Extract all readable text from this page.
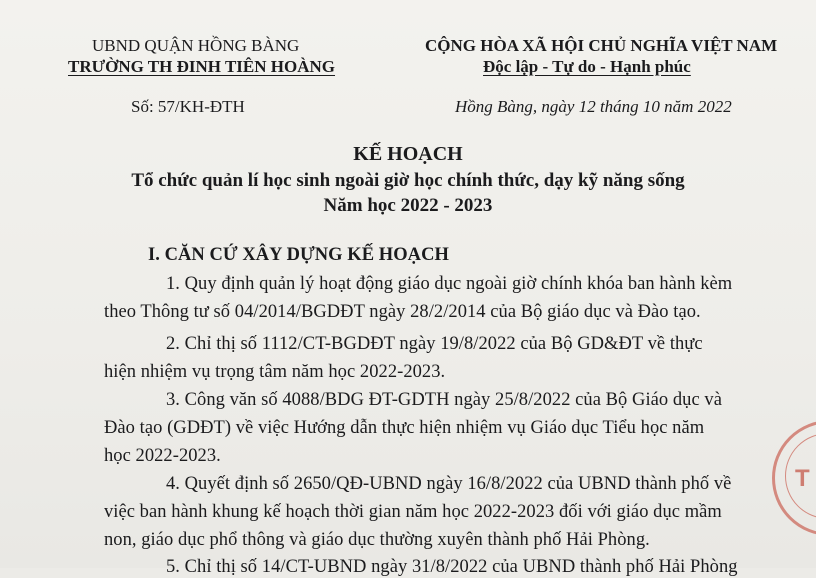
UBND QUẬN HỒNG BÀNG
TRƯỜNG TH ĐINH TIÊN HOÀNG
Số: 57/KH-ĐTH
CỘNG HÒA XÃ HỘI CHỦ NGHĨA VIỆT NAM
Độc lập - Tự do - Hạnh phúc
Hồng Bàng, ngày 12 tháng 10 năm 2022
KẾ HOẠCH
Tổ chức quản lí học sinh ngoài giờ học chính thức, dạy kỹ năng sống
Năm học 2022 - 2023
I. CĂN CỨ XÂY DỰNG KẾ HOẠCH
1. Quy định quản lý hoạt động giáo dục ngoài giờ chính khóa ban hành kèm
theo Thông tư số 04/2014/BGDĐT ngày 28/2/2014 của Bộ giáo dục và Đào tạo.
2. Chỉ thị số 1112/CT-BGDĐT ngày 19/8/2022 của Bộ GD&ĐT về thực
hiện nhiệm vụ trọng tâm năm học 2022-2023.
3. Công văn số 4088/BDG ĐT-GDTH ngày 25/8/2022 của Bộ Giáo dục và
Đào tạo (GDĐT) về việc Hướng dẫn thực hiện nhiệm vụ Giáo dục Tiểu học năm
học 2022-2023.
4. Quyết định số 2650/QĐ-UBND ngày 16/8/2022 của UBND thành phố về
việc ban hành khung kế hoạch thời gian năm học 2022-2023 đối với giáo dục mầm
non, giáo dục phổ thông và giáo dục thường xuyên thành phố Hải Phòng.
5. Chỉ thị số 14/CT-UBND ngày 31/8/2022 của UBND thành phố Hải Phòng
T
